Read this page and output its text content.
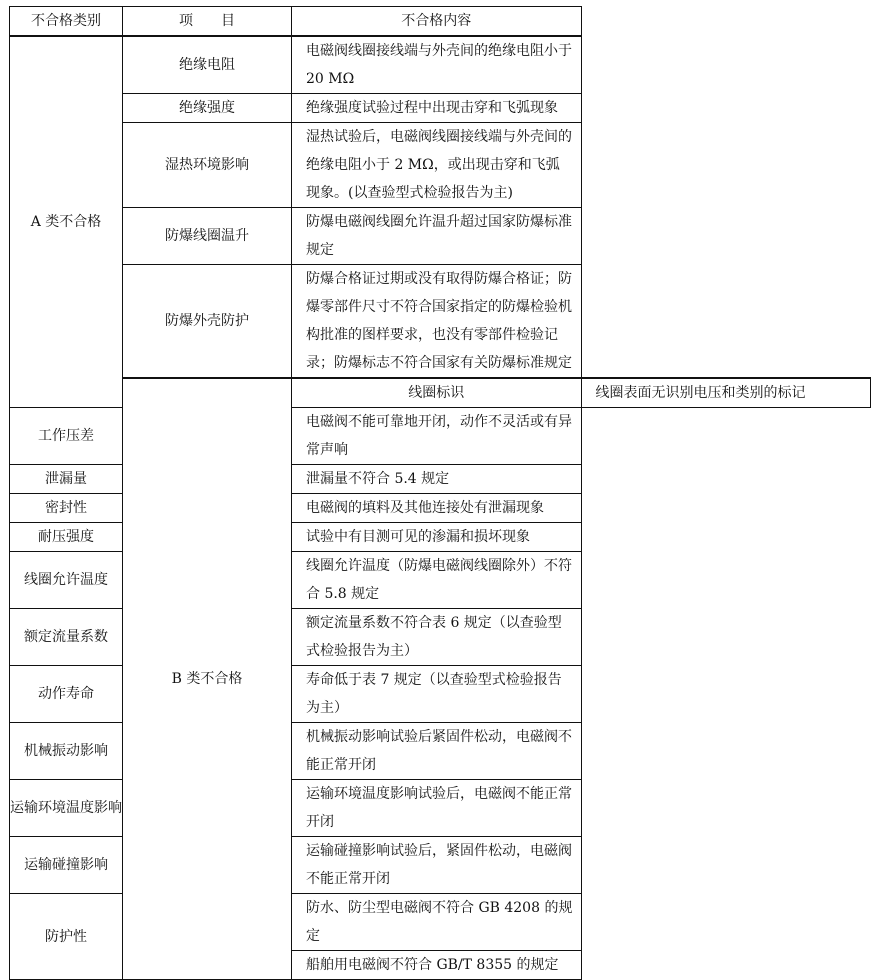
不合格类别	项　　目	不合格内容	
A 类不合格	绝缘电阻	电磁阀线圈接线端与外壳间的绝缘电阻小于 20 MΩ	
	绝缘强度	绝缘强度试验过程中出现击穿和飞弧现象	
	湿热环境影响	湿热试验后，电磁阀线圈接线端与外壳间的绝缘电阻小于 2 MΩ，或出现击穿和飞弧现象。(以查验型式检验报告为主)	
	防爆线圈温升	防爆电磁阀线圈允许温升超过国家防爆标准规定	
	防爆外壳防护	防爆合格证过期或没有取得防爆合格证；防爆零部件尺寸不符合国家指定的防爆检验机构批准的图样要求，也没有零部件检验记录；防爆标志不符合国家有关防爆标准规定	
	B 类不合格	线圈标识	线圈表面无识别电压和类别的标记
工作压差		电磁阀不能可靠地开闭，动作不灵活或有异常声响	
泄漏量		泄漏量不符合 5.4 规定	
密封性		电磁阀的填料及其他连接处有泄漏现象	
耐压强度		试验中有目测可见的渗漏和损坏现象	
线圈允许温度		线圈允许温度（防爆电磁阀线圈除外）不符合 5.8 规定	
额定流量系数		额定流量系数不符合表 6 规定（以查验型式检验报告为主）	
动作寿命		寿命低于表 7 规定（以查验型式检验报告为主）	
机械振动影响		机械振动影响试验后紧固件松动，电磁阀不能正常开闭	
运输环境温度影响		运输环境温度影响试验后，电磁阀不能正常开闭	
运输碰撞影响		运输碰撞影响试验后，紧固件松动，电磁阀不能正常开闭	
防护性		防水、防尘型电磁阀不符合 GB 4208 的规定	
		船舶用电磁阀不符合 GB/T 8355 的规定	
